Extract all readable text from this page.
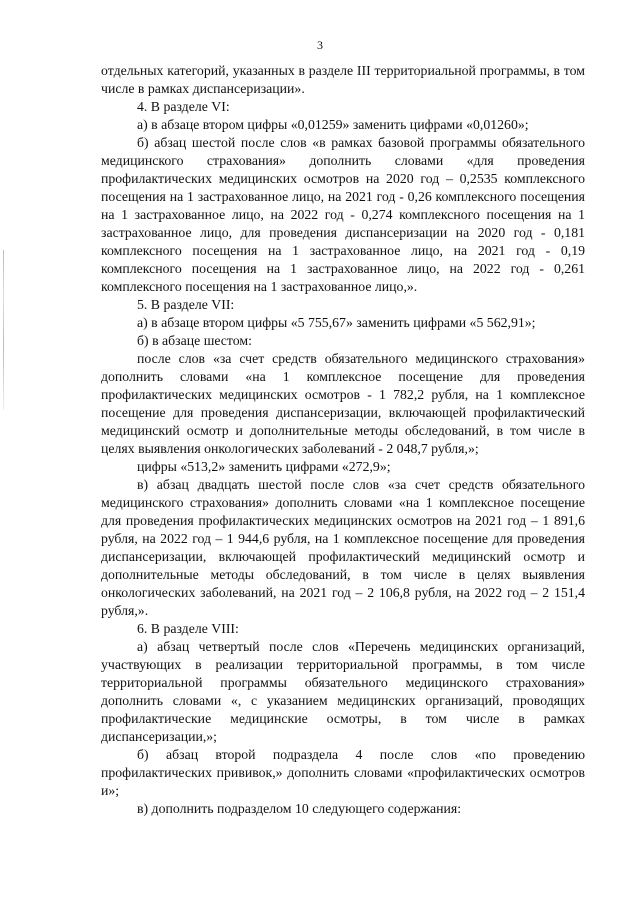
3

отдельных категорий, указанных в разделе III территориальной программы, в том числе в рамках диспансеризации».

4. В разделе VI:

а) в абзаце втором цифры «0,01259» заменить цифрами «0,01260»;

б) абзац шестой после слов «в рамках базовой программы обязательного медицинского страхования» дополнить словами «для проведения профилактических медицинских осмотров на 2020 год – 0,2535 комплексного посещения на 1 застрахованное лицо, на 2021 год - 0,26 комплексного посещения на 1 застрахованное лицо, на 2022 год - 0,274 комплексного посещения на 1 застрахованное лицо, для проведения диспансеризации на 2020 год - 0,181 комплексного посещения на 1 застрахованное лицо, на 2021 год - 0,19 комплексного посещения на 1 застрахованное лицо, на 2022 год - 0,261 комплексного посещения на 1 застрахованное лицо,».

5. В разделе VII:

а) в абзаце втором цифры «5 755,67» заменить цифрами «5 562,91»;

б) в абзаце шестом:

после слов «за счет средств обязательного медицинского страхования» дополнить словами «на 1 комплексное посещение для проведения профилактических медицинских осмотров - 1 782,2 рубля, на 1 комплексное посещение для проведения диспансеризации, включающей профилактический медицинский осмотр и дополнительные методы обследований, в том числе в целях выявления онкологических заболеваний - 2 048,7 рубля,»;

цифры «513,2» заменить цифрами «272,9»;

в) абзац двадцать шестой после слов «за счет средств обязательного медицинского страхования» дополнить словами «на 1 комплексное посещение для проведения профилактических медицинских осмотров на 2021 год – 1 891,6 рубля, на 2022 год – 1 944,6 рубля, на 1 комплексное посещение для проведения диспансеризации, включающей профилактический медицинский осмотр и дополнительные методы обследований, в том числе в целях выявления онкологических заболеваний, на 2021 год – 2 106,8 рубля, на 2022 год – 2 151,4 рубля,».

6. В разделе VIII:

а) абзац четвертый после слов «Перечень медицинских организаций, участвующих в реализации территориальной программы, в том числе территориальной программы обязательного медицинского страхования» дополнить словами «, с указанием медицинских организаций, проводящих профилактические медицинские осмотры, в том числе в рамках диспансеризации,»;

б) абзац второй подраздела 4 после слов «по проведению профилактических прививок,» дополнить словами «профилактических осмотров и»;

в) дополнить подразделом 10 следующего содержания:
